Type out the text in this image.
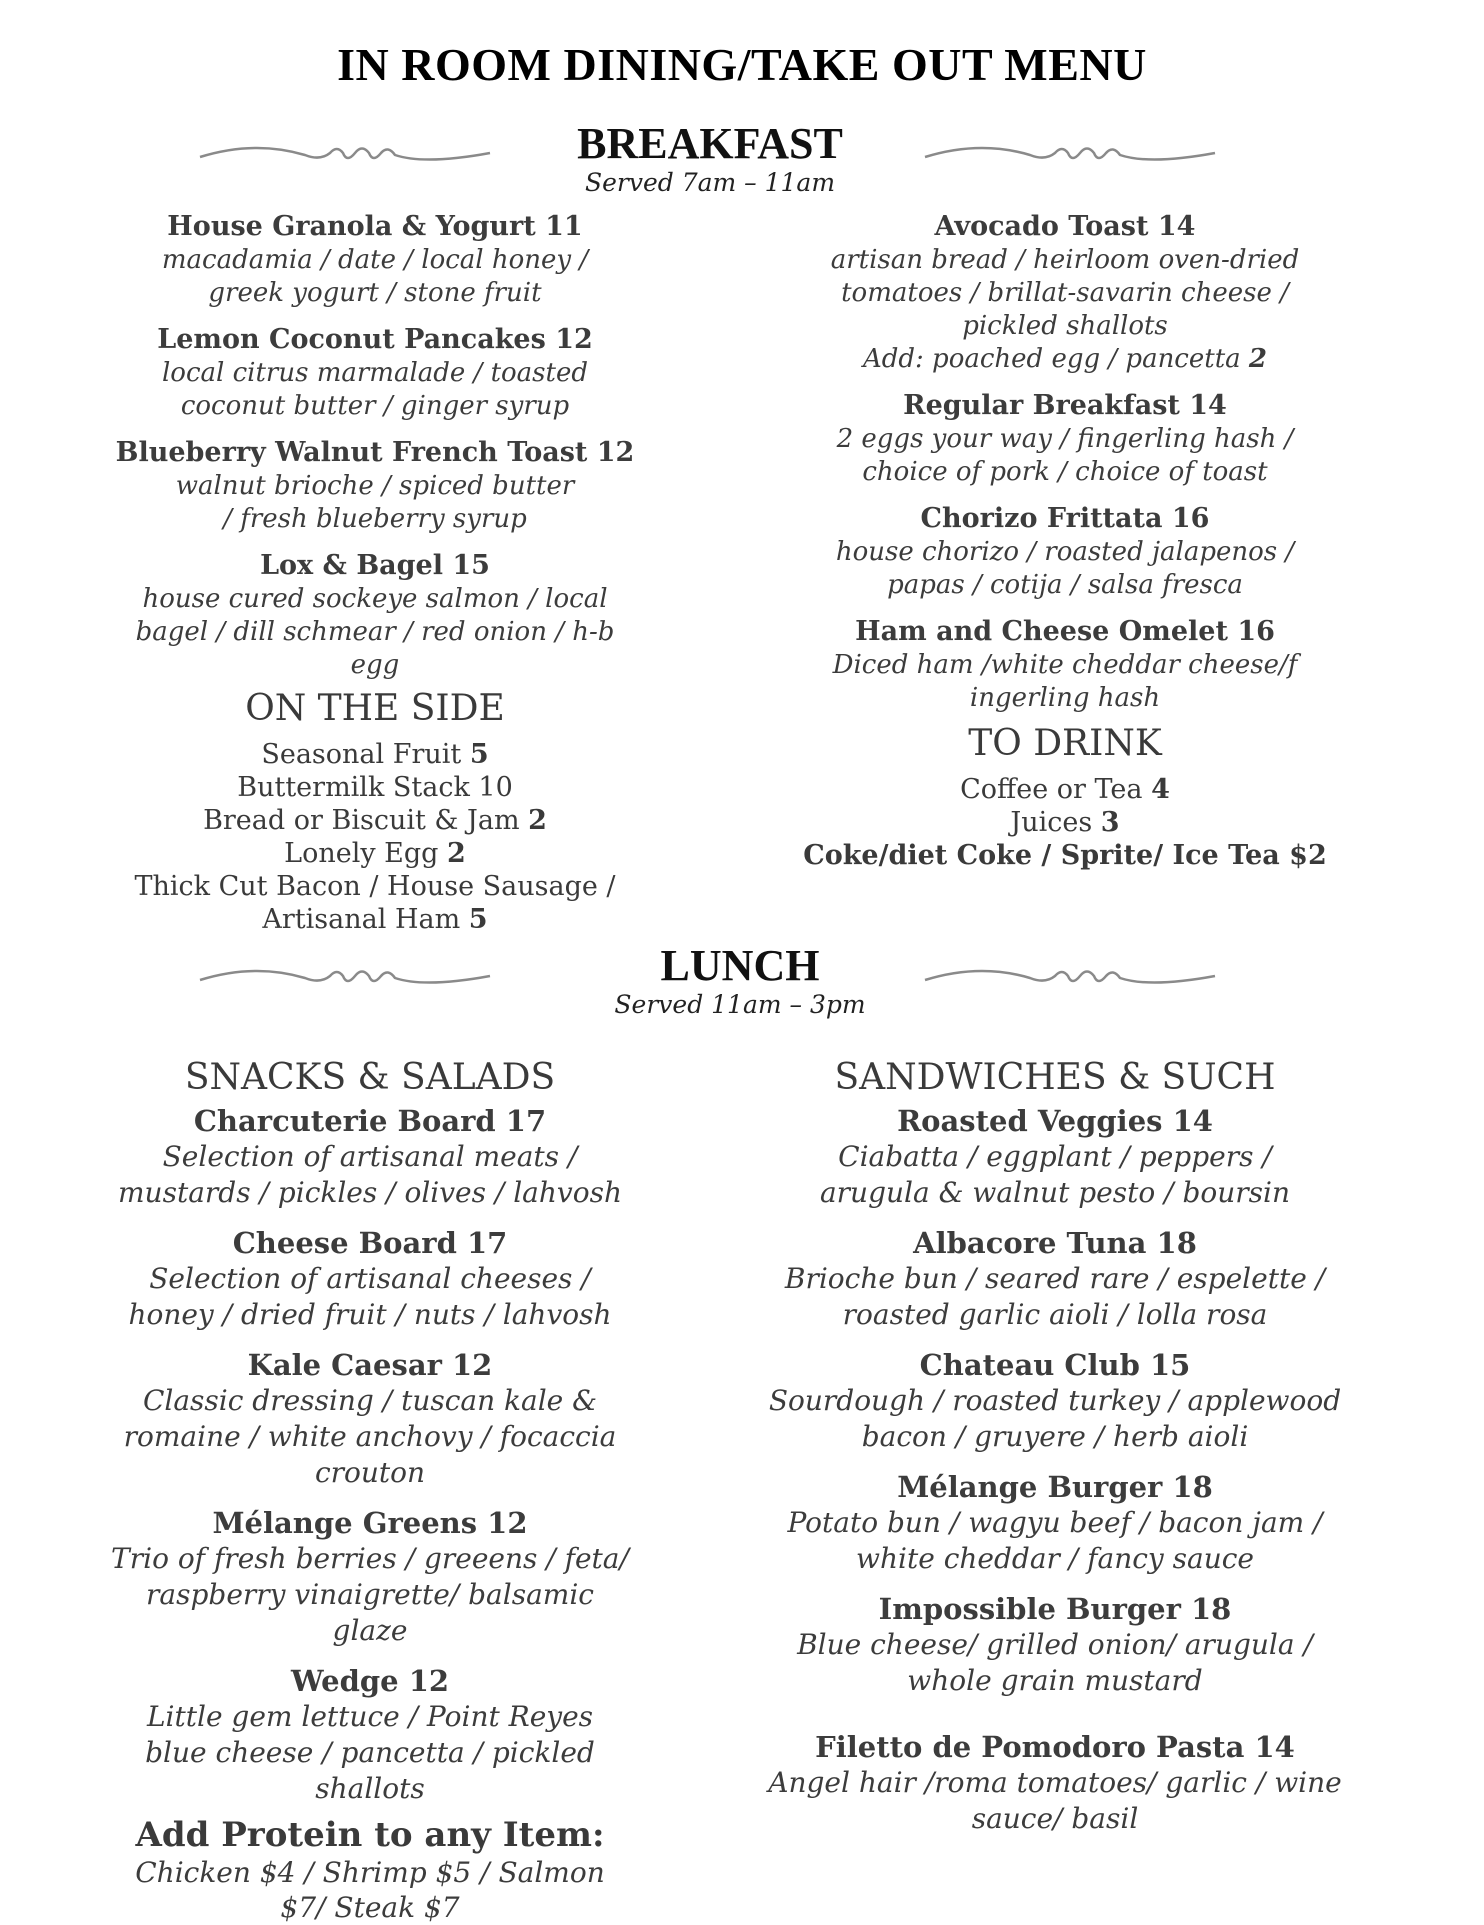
IN ROOM DINING/TAKE OUT MENU
BREAKFAST
Served 7am – 11am
House Granola & Yogurt 11
macadamia / date / local honey / greek yogurt / stone fruit
Lemon Coconut Pancakes 12
local citrus marmalade / toasted coconut butter / ginger syrup
Blueberry Walnut French Toast 12
walnut brioche / spiced butter / fresh blueberry syrup
Lox & Bagel 15
house cured sockeye salmon / local bagel / dill schmear / red onion / h-b egg
ON THE SIDE
Seasonal Fruit 5
Buttermilk Stack 10
Bread or Biscuit & Jam 2
Lonely Egg 2
Thick Cut Bacon / House Sausage /
Artisanal Ham 5
Avocado Toast 14
artisan bread / heirloom oven-dried tomatoes / brillat-savarin cheese / pickled shallots
Add: poached egg / pancetta 2
Regular Breakfast 14
2 eggs your way / fingerling hash / choice of pork / choice of toast
Chorizo Frittata 16
house chorizo / roasted jalapenos / papas / cotija / salsa fresca
Ham and Cheese Omelet 16
Diced ham /white cheddar cheese/f ingerling hash
TO DRINK
Coffee or Tea 4
Juices 3
Coke/diet Coke / Sprite/ Ice Tea $2
LUNCH
Served 11am – 3pm
SNACKS & SALADS
Charcuterie Board 17
Selection of artisanal meats / mustards / pickles / olives / lahvosh
Cheese Board 17
Selection of artisanal cheeses / honey / dried fruit / nuts / lahvosh
Kale Caesar 12
Classic dressing / tuscan kale & romaine / white anchovy / focaccia crouton
Mélange Greens 12
Trio of fresh berries / greeens / feta/ raspberry vinaigrette/ balsamic glaze
Wedge 12
Little gem lettuce / Point Reyes blue cheese / pancetta / pickled shallots
Add Protein to any Item:
Chicken $4 / Shrimp $5 / Salmon $7/ Steak $7
SANDWICHES & SUCH
Roasted Veggies 14
Ciabatta / eggplant / peppers / arugula & walnut pesto / boursin
Albacore Tuna 18
Brioche bun / seared rare / espelette / roasted garlic aioli / lolla rosa
Chateau Club 15
Sourdough / roasted turkey / applewood bacon / gruyere / herb aioli
Mélange Burger 18
Potato bun / wagyu beef / bacon jam / white cheddar / fancy sauce
Impossible Burger 18
Blue cheese/ grilled onion/ arugula / whole grain mustard
Filetto de Pomodoro Pasta 14
Angel hair /roma tomatoes/ garlic / wine sauce/ basil
